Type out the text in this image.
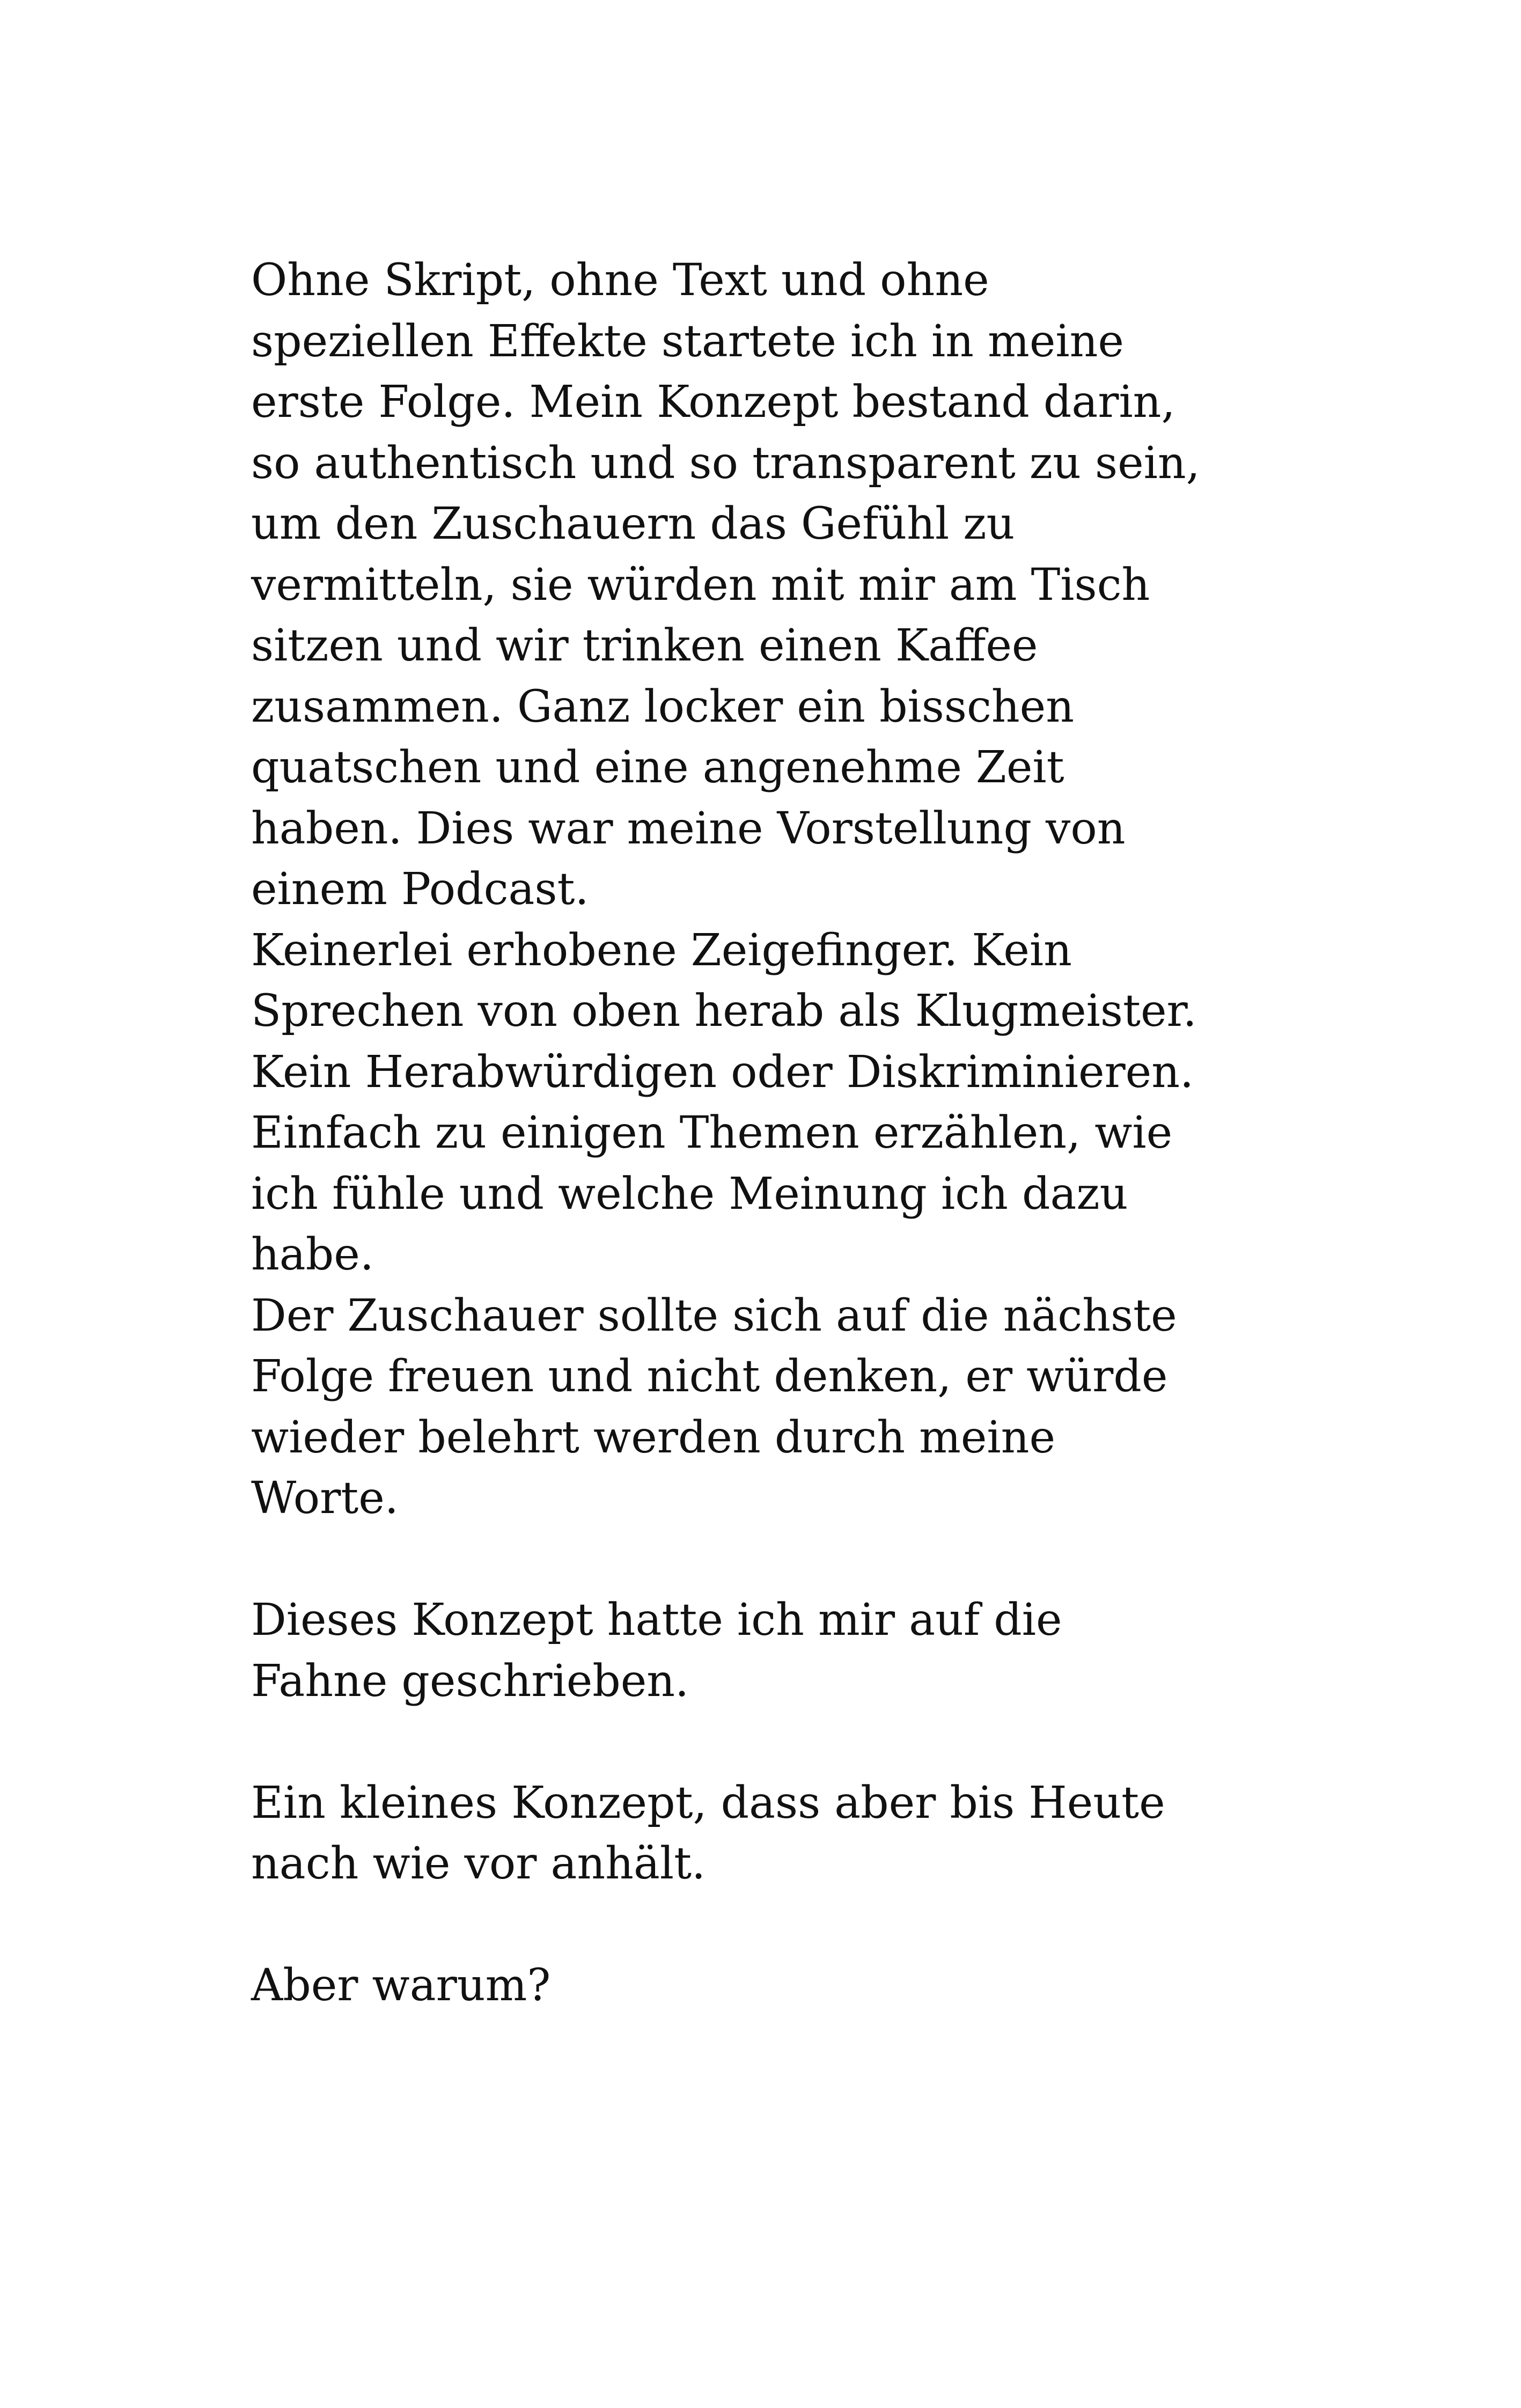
Ohne Skript, ohne Text und ohne
speziellen Effekte startete ich in meine
erste Folge. Mein Konzept bestand darin,
so authentisch und so transparent zu sein,
um den Zuschauern das Gefühl zu
vermitteln, sie würden mit mir am Tisch
sitzen und wir trinken einen Kaffee
zusammen. Ganz locker ein bisschen
quatschen und eine angenehme Zeit
haben. Dies war meine Vorstellung von
einem Podcast.
Keinerlei erhobene Zeigefinger. Kein
Sprechen von oben herab als Klugmeister.
Kein Herabwürdigen oder Diskriminieren.
Einfach zu einigen Themen erzählen, wie
ich fühle und welche Meinung ich dazu
habe.
Der Zuschauer sollte sich auf die nächste
Folge freuen und nicht denken, er würde
wieder belehrt werden durch meine
Worte.
Dieses Konzept hatte ich mir auf die
Fahne geschrieben.
Ein kleines Konzept, dass aber bis Heute
nach wie vor anhält.
Aber warum?
